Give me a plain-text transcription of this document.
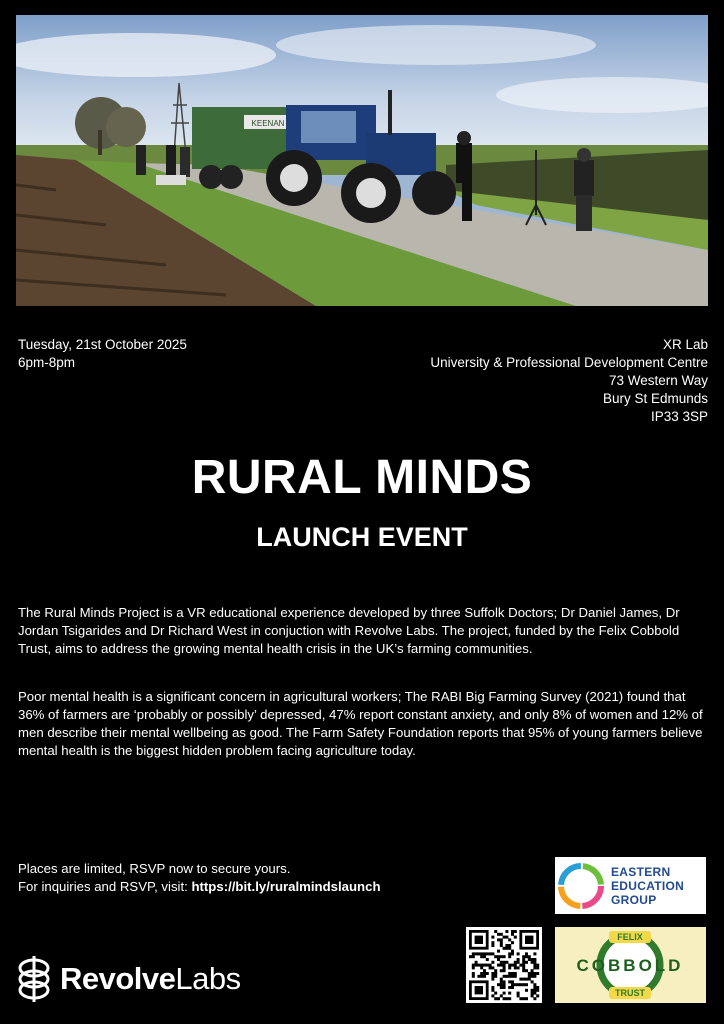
KEENAN
Tuesday, 21st October 2025
6pm-8pm
XR Lab
University & Professional Development Centre
73 Western Way
Bury St Edmunds
IP33 3SP
RURAL MINDS
LAUNCH EVENT

The Rural Minds Project is a VR educational experience developed by three Suffolk Doctors; Dr Daniel James, Dr Jordan Tsigarides and Dr Richard West in conjuction with Revolve Labs. The project, funded by the Felix Cobbold Trust, aims to address the growing mental health crisis in the UK’s farming communities.

Poor mental health is a significant concern in agricultural workers; The RABI Big Farming Survey (2021) found that 36% of farmers are ‘probably or possibly’ depressed, 47% report constant anxiety, and only 8% of women and 12% of men describe their mental wellbeing as good. The Farm Safety Foundation reports that 95% of young farmers believe mental health is the biggest hidden problem facing agriculture today.

Places are limited, RSVP now to secure yours.
For inquiries and RSVP, visit: https://bit.ly/ruralmindslaunch
RevolveLabs
EASTERN
EDUCATION
GROUP
FELIX
TRUST
COBBOLD
